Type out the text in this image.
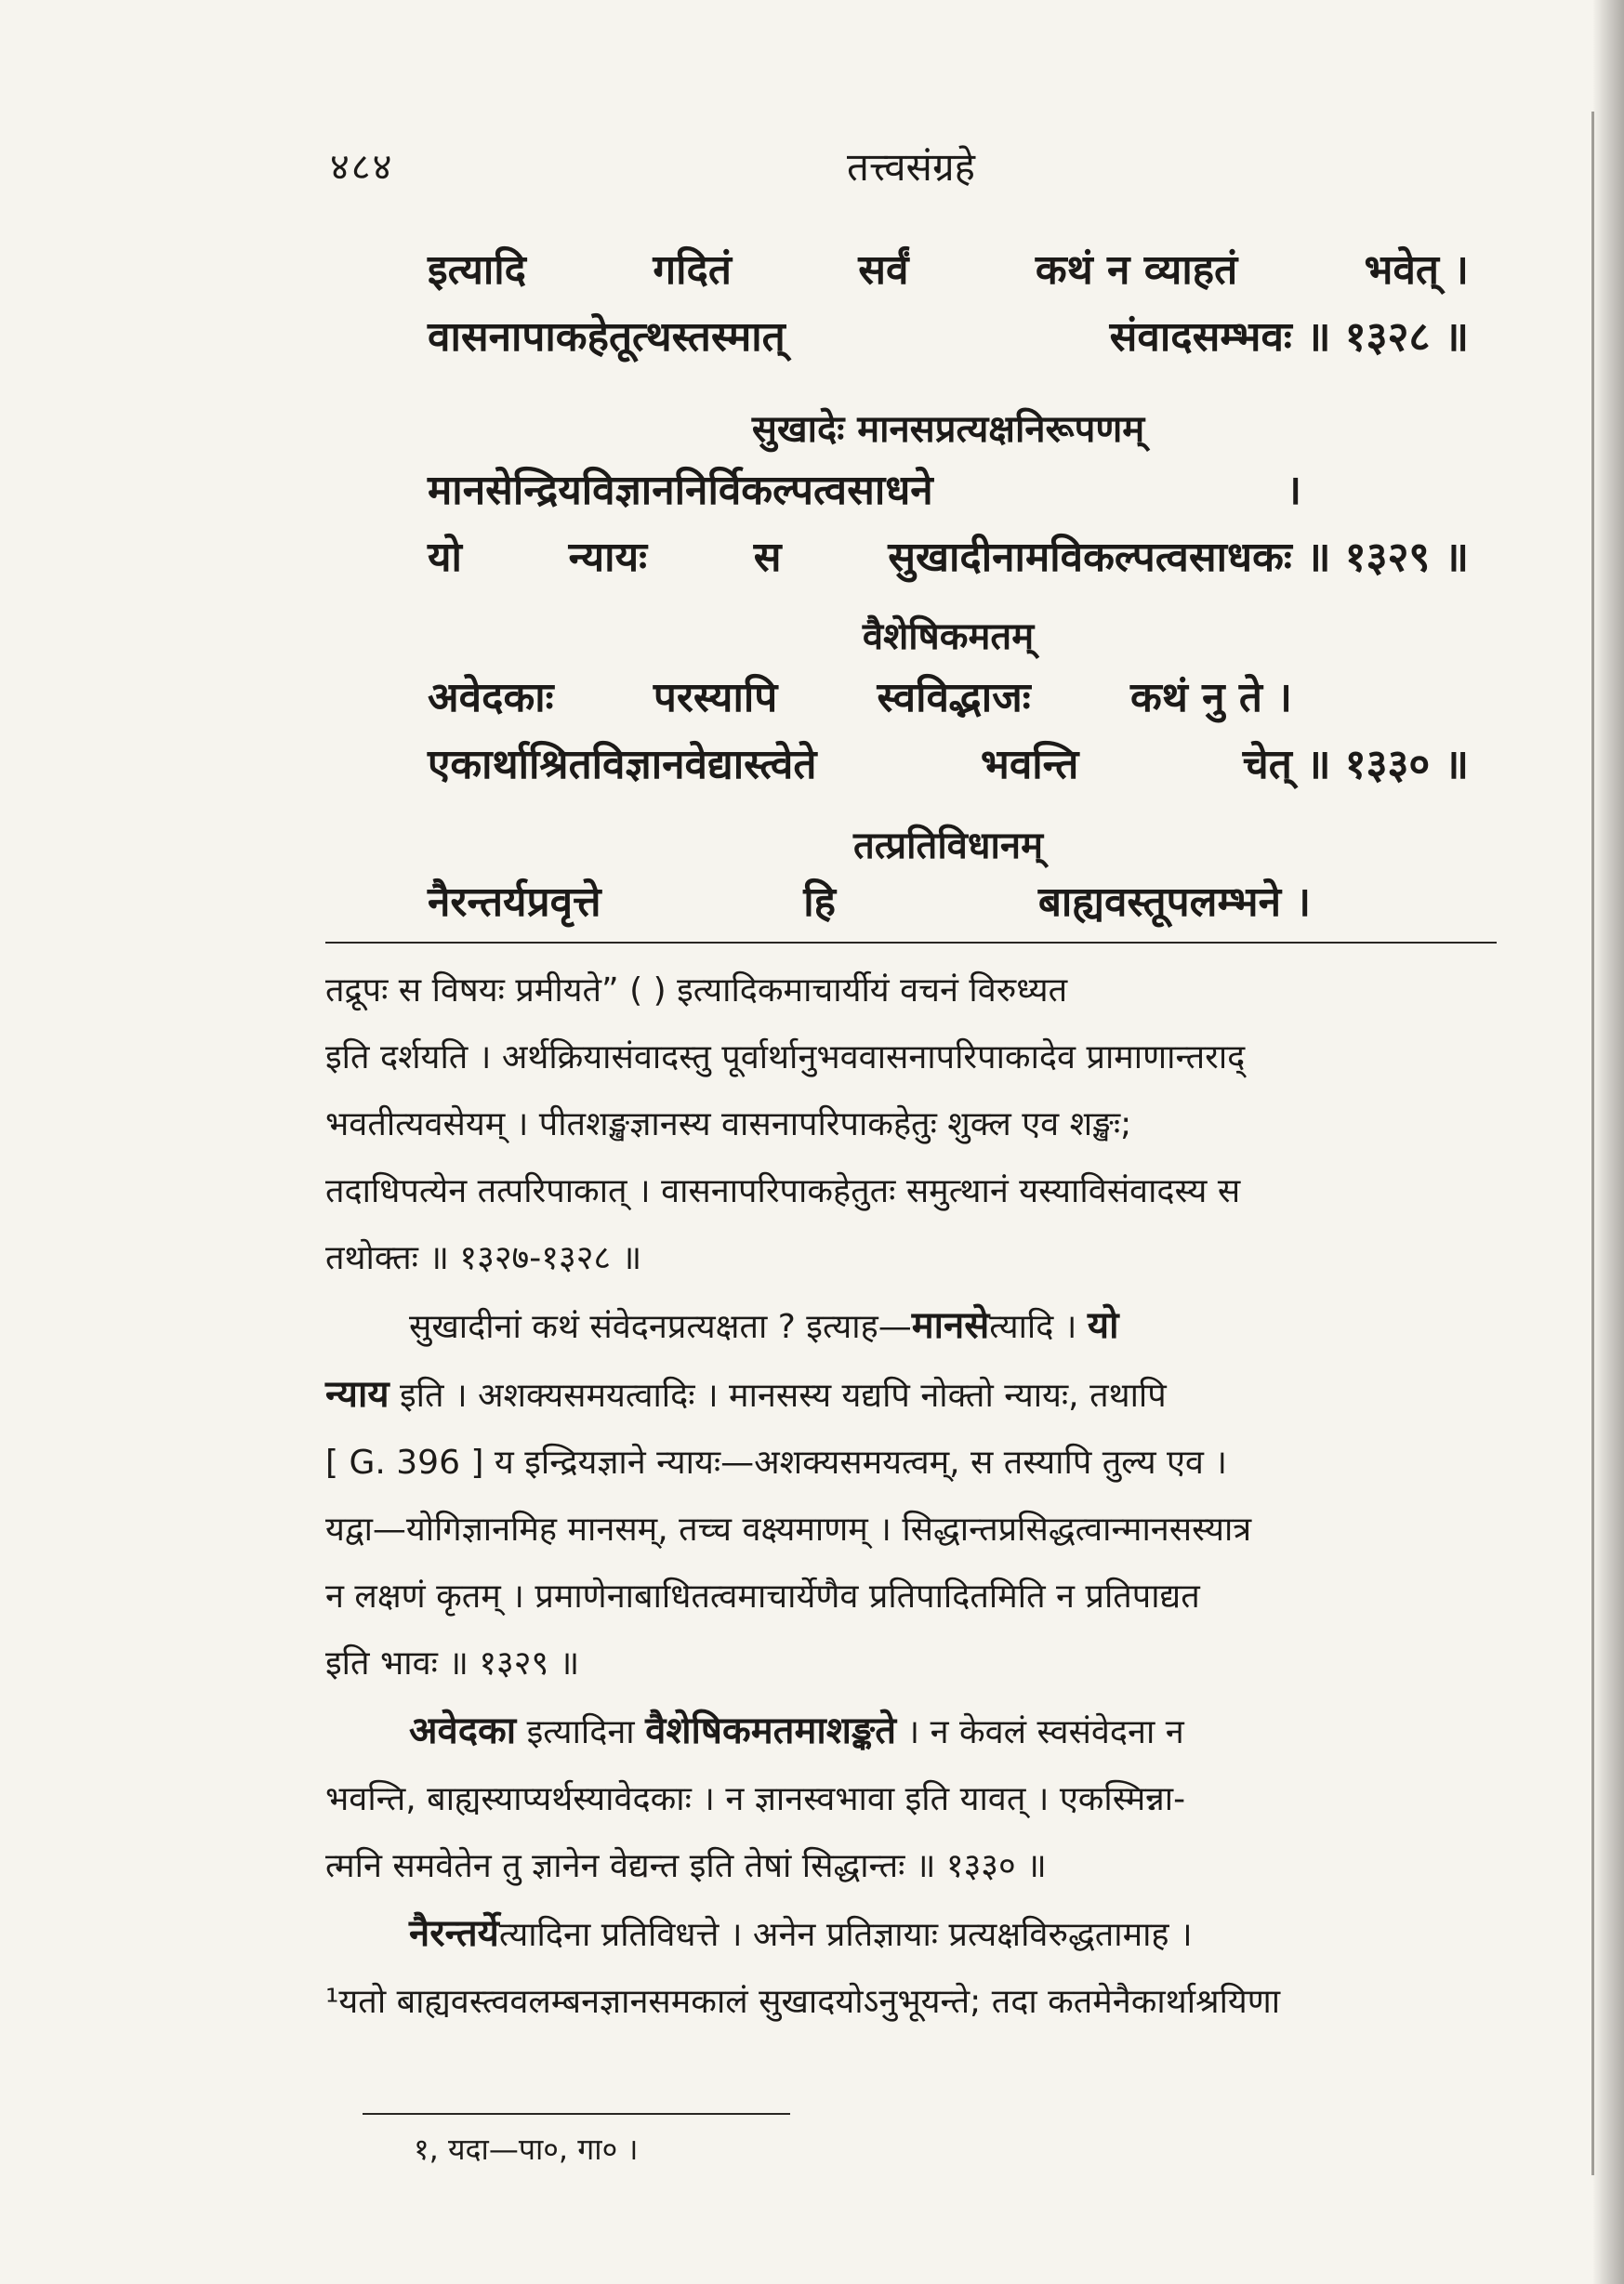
४८४	तत्त्वसंग्रहे
इत्यादि	गदितं	सर्वं	कथं न व्याहतं	भवेत् ।
वासनापाकहेतूत्थस्तस्मात्	संवादसम्भवः ॥ १३२८ ॥
सुखादेः मानसप्रत्यक्षनिरूपणम्
मानसेन्द्रियविज्ञाननिर्विकल्पत्वसाधने	।
यो	न्यायः	स	सुखादीनामविकल्पत्वसाधकः ॥ १३२९ ॥
वैशेषिकमतम्
अवेदकाः परस्यापि स्वविद्भाजः कथं नु ते ।
एकार्थाश्रितविज्ञानवेद्यास्त्वेते	भवन्ति	चेत् ॥ १३३० ॥
तत्प्रतिविधानम्
नैरन्तर्यप्रवृत्ते	हि	बाह्यवस्तूपलम्भने ।

तद्रूपः स विषयः प्रमीयते” ( ) इत्यादिकमाचार्यीयं वचनं विरुध्यत

इति दर्शयति । अर्थक्रियासंवादस्तु पूर्वार्थानुभववासनापरिपाकादेव प्रामाणान्तराद्

भवतीत्यवसेयम् । पीतशङ्खज्ञानस्य वासनापरिपाकहेतुः शुक्ल एव शङ्खः;

तदाधिपत्येन तत्परिपाकात् । वासनापरिपाकहेतुतः समुत्थानं यस्याविसंवादस्य स

तथोक्तः ॥ १३२७-१३२८ ॥

सुखादीनां कथं संवेदनप्रत्यक्षता ? इत्याह—मानसेत्यादि । यो

न्याय इति । अशक्यसमयत्वादिः । मानसस्य यद्यपि नोक्तो न्यायः, तथापि

[ G. 396 ] य इन्द्रियज्ञाने न्यायः—अशक्यसमयत्वम्, स तस्यापि तुल्य एव ।

यद्वा—योगिज्ञानमिह मानसम्, तच्च वक्ष्यमाणम् । सिद्धान्तप्रसिद्धत्वान्मानसस्यात्र

न लक्षणं कृतम् । प्रमाणेनाबाधितत्वमाचार्येणैव प्रतिपादितमिति न प्रतिपाद्यत

इति भावः ॥ १३२९ ॥

अवेदका इत्यादिना वैशेषिकमतमाशङ्कते । न केवलं स्वसंवेदना न

भवन्ति, बाह्यस्याप्यर्थस्यावेदकाः । न ज्ञानस्वभावा इति यावत् । एकस्मिन्ना-

त्मनि समवेतेन तु ज्ञानेन वेद्यन्त इति तेषां सिद्धान्तः ॥ १३३० ॥

नैरन्तर्येत्यादिना प्रतिविधत्ते । अनेन प्रतिज्ञायाः प्रत्यक्षविरुद्धतामाह ।

¹यतो बाह्यवस्त्ववलम्बनज्ञानसमकालं सुखादयोऽनुभूयन्ते; तदा कतमेनैकार्थाश्रयिणा

१, यदा—पा०, गा० ।
